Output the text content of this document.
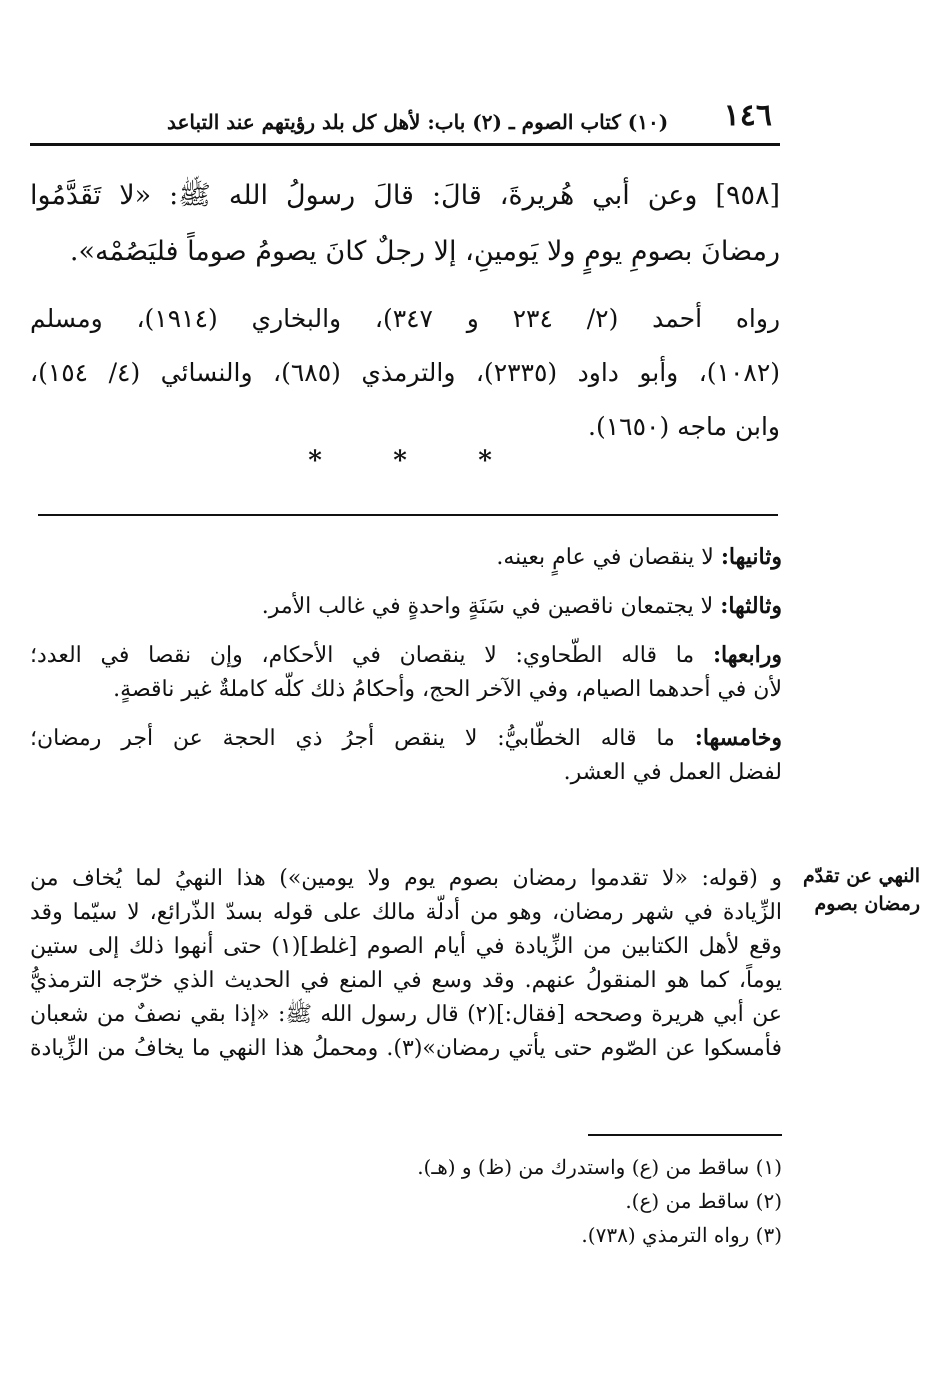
١٤٦
(١٠) كتاب الصوم ـ (٢) باب: لأهل كل بلد رؤيتهم عند التباعد
[٩٥٨] وعن أبي هُريرةَ، قالَ: قالَ رسولُ الله ﷺ: «لا تَقَدَّمُوا
رمضانَ بصومِ يومٍ ولا يَومينِ، إلا رجلٌ كانَ يصومُ صوماً فليَصُمْه».
رواه أحمد (٢/ ٢٣٤ و ٣٤٧)، والبخاري (١٩١٤)، ومسلم
(١٠٨٢)، وأبو داود (٢٣٣٥)، والترمذي (٦٨٥)، والنسائي (٤/ ١٥٤)،
وابن ماجه (١٦٥٠).
*	*	*
وثانيها: لا ينقصان في عامٍ بعينه.
وثالثها: لا يجتمعان ناقصين في سَنَةٍ واحدةٍ في غالب الأمر.
ورابعها: ما قاله الطّحاوي: لا ينقصان في الأحكام، وإن نقصا في العدد؛
لأن في أحدهما الصيام، وفي الآخر الحج، وأحكامُ ذلك كلّه كاملةٌ غير ناقصةٍ.
وخامسها: ما قاله الخطّابيُّ: لا ينقص أجرُ ذي الحجة عن أجر رمضان؛
لفضل العمل في العشر.
النهي عن تقدّم
رمضان بصوم
و (قوله: «لا تقدموا رمضان بصوم يوم ولا يومين») هذا النهيُ لما يُخاف من
الزِّيادة في شهر رمضان، وهو من أدلّة مالك على قوله بسدّ الذّرائع، لا سيّما وقد
وقع لأهل الكتابين من الزِّيادة في أيام الصوم [غلط](١) حتى أنهوا ذلك إلى ستين
يوماً، كما هو المنقولُ عنهم. وقد وسع في المنع في الحديث الذي خرّجه الترمذيُّ
عن أبي هريرة وصححه [فقال:](٢) قال رسول الله ﷺ: «إذا بقي نصفٌ من شعبان
فأمسكوا عن الصّوم حتى يأتي رمضان»(٣). ومحملُ هذا النهي ما يخافُ من الزِّيادة
(١) ساقط من (ع) واستدرك من (ظ) و (هـ).
(٢) ساقط من (ع).
(٣) رواه الترمذي (٧٣٨).
